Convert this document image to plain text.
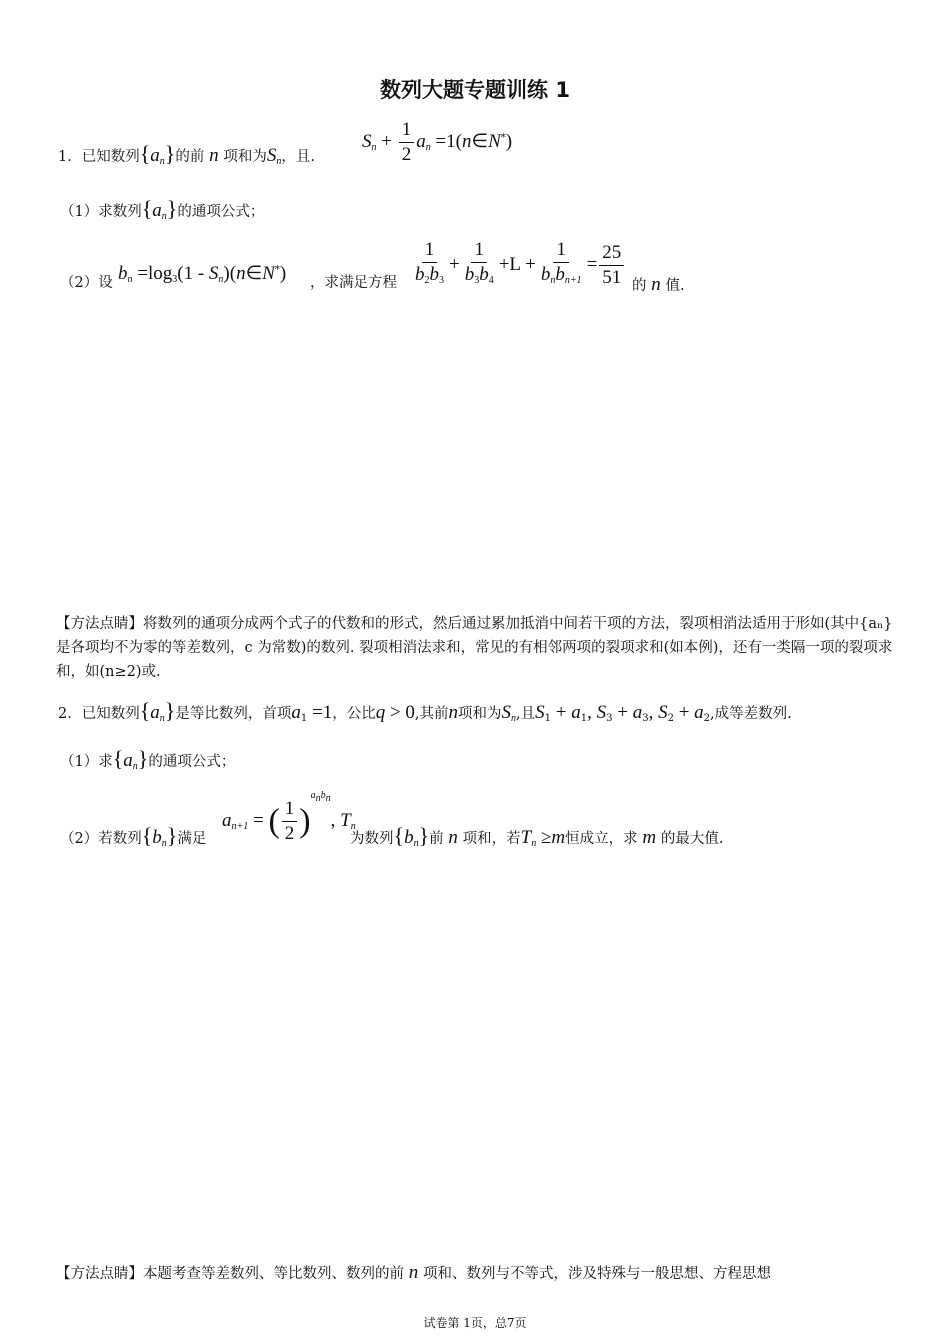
数列大题专题训练 1
1．已知数列$\{a_n\}$的前 n 项和为$S_n$，且.
$S_n + \frac{1}{2} a_n$ =1(n∈N*)
（1）求数列$\{a_n\}$的通项公式；
（2）设 $b_n =\log_3(1$ - $S_n)(n\in N^*)$ ，求满足方程 $\frac{1}{b_2b_3} + \frac{1}{b_3b_4} +L + \frac{1}{b_nb_{n+1}} = \frac{25}{51}$ 的 n 值.
【方法点睛】将数列的通项分成两个式子的代数和的形式，然后通过累加抵消中间若干项的方法，裂项相消法适用于形如(其中{aₙ}是各项均不为零的等差数列，c 为常数)的数列. 裂项相消法求和，常见的有相邻两项的裂项求和(如本例)，还有一类隔一项的裂项求和，如(n≥2)或.
2．已知数列$\{a_n\}$是等比数列，首项$a_1 =1$，公比q > 0,其前n项和为$S_n$,且$S_1 + a_1$, $S_3 + a_3$, $S_2 + a_2$,成等差数列.
（1）求$\{a_n\}$的通项公式；
（2）若数列$\{b_n\}$满足
$a_{n+1}$ = ( $\frac{1}{2} )^{a_nb_n}$, $T_n$
为数列$\{b_n\}$前 n 项和，若$T_n \ge m$恒成立，求 m 的最大值.
【方法点睛】本题考查等差数列、等比数列、数列的前 n 项和、数列与不等式，涉及特殊与一般思想、方程思想
试卷第 1页，总7页
